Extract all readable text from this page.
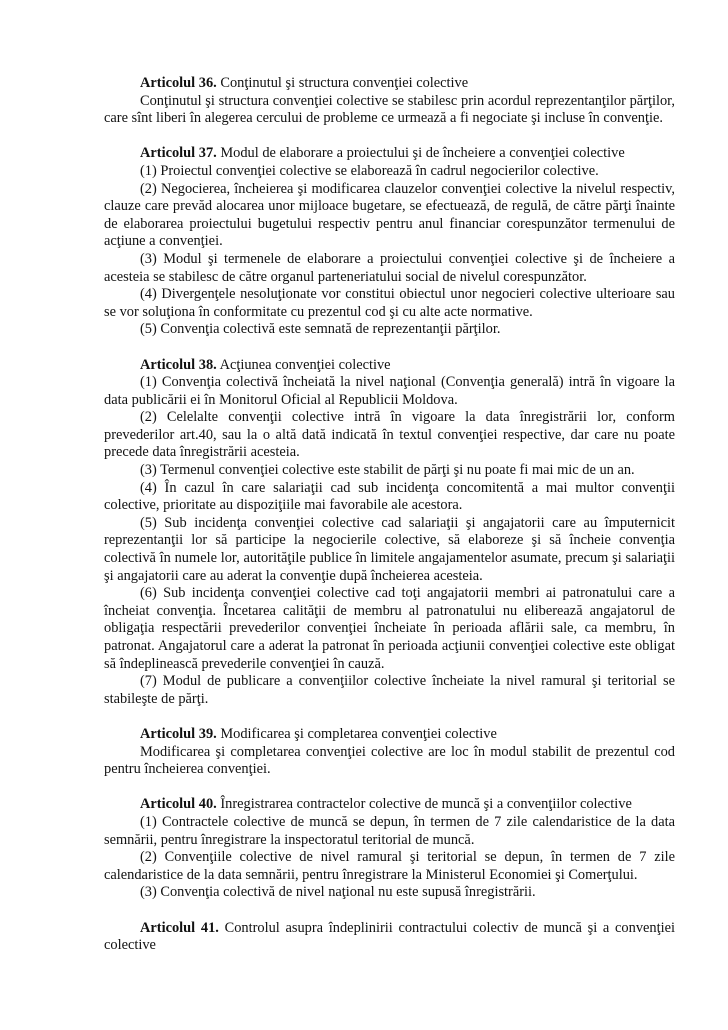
Articolul 36. Conţinutul şi structura convenţiei colective
Conţinutul şi structura convenţiei colective se stabilesc prin acordul reprezentanţilor părţilor, care sînt liberi în alegerea cercului de probleme ce urmează a fi negociate şi incluse în convenţie.
Articolul 37. Modul de elaborare a proiectului şi de încheiere a convenţiei colective
(1) Proiectul convenţiei colective se elaborează în cadrul negocierilor colective.
(2) Negocierea, încheierea şi modificarea clauzelor convenţiei colective la nivelul respectiv, clauze care prevăd alocarea unor mijloace bugetare, se efectuează, de regulă, de către părţi înainte de elaborarea proiectului bugetului respectiv pentru anul financiar corespunzător termenului de acţiune a convenţiei.
(3) Modul şi termenele de elaborare a proiectului convenţiei colective şi de încheiere a acesteia se stabilesc de către organul parteneriatului social de nivelul corespunzător.
(4) Divergenţele nesoluţionate vor constitui obiectul unor negocieri colective ulterioare sau se vor soluţiona în conformitate cu prezentul cod şi cu alte acte normative.
(5) Convenţia colectivă este semnată de reprezentanţii părţilor.
Articolul 38. Acţiunea convenţiei colective
(1) Convenţia colectivă încheiată la nivel naţional (Convenţia generală) intră în vigoare la data publicării ei în Monitorul Oficial al Republicii Moldova.
(2) Celelalte convenţii colective intră în vigoare la data înregistrării lor, conform prevederilor art.40, sau la o altă dată indicată în textul convenţiei respective, dar care nu poate precede data înregistrării acesteia.
(3) Termenul convenţiei colective este stabilit de părţi şi nu poate fi mai mic de un an.
(4) În cazul în care salariaţii cad sub incidenţa concomitentă a mai multor convenţii colective, prioritate au dispoziţiile mai favorabile ale acestora.
(5) Sub incidenţa convenţiei colective cad salariaţii şi angajatorii care au împuternicit reprezentanţii lor să participe la negocierile colective, să elaboreze şi să încheie convenţia colectivă în numele lor, autorităţile publice în limitele angajamentelor asumate, precum şi salariaţii şi angajatorii care au aderat la convenţie după încheierea acesteia.
(6) Sub incidenţa convenţiei colective cad toţi angajatorii membri ai patronatului care a încheiat convenţia. Încetarea calităţii de membru al patronatului nu eliberează angajatorul de obligaţia respectării prevederilor convenţiei încheiate în perioada aflării sale, ca membru, în patronat. Angajatorul care a aderat la patronat în perioada acţiunii convenţiei colective este obligat să îndeplinească prevederile convenţiei în cauză.
(7) Modul de publicare a convenţiilor colective încheiate la nivel ramural şi teritorial se stabileşte de părţi.
Articolul 39. Modificarea şi completarea convenţiei colective
Modificarea şi completarea convenţiei colective are loc în modul stabilit de prezentul cod pentru încheierea convenţiei.
Articolul 40. Înregistrarea contractelor colective de muncă şi a convenţiilor colective
(1) Contractele colective de muncă se depun, în termen de 7 zile calendaristice de la data semnării, pentru înregistrare la inspectoratul teritorial de muncă.
(2) Convenţiile colective de nivel ramural şi teritorial se depun, în termen de 7 zile calendaristice de la data semnării, pentru înregistrare la Ministerul Economiei şi Comerţului.
(3) Convenţia colectivă de nivel naţional nu este supusă înregistrării.
Articolul 41. Controlul asupra îndeplinirii contractului colectiv de muncă şi a convenţiei colective
